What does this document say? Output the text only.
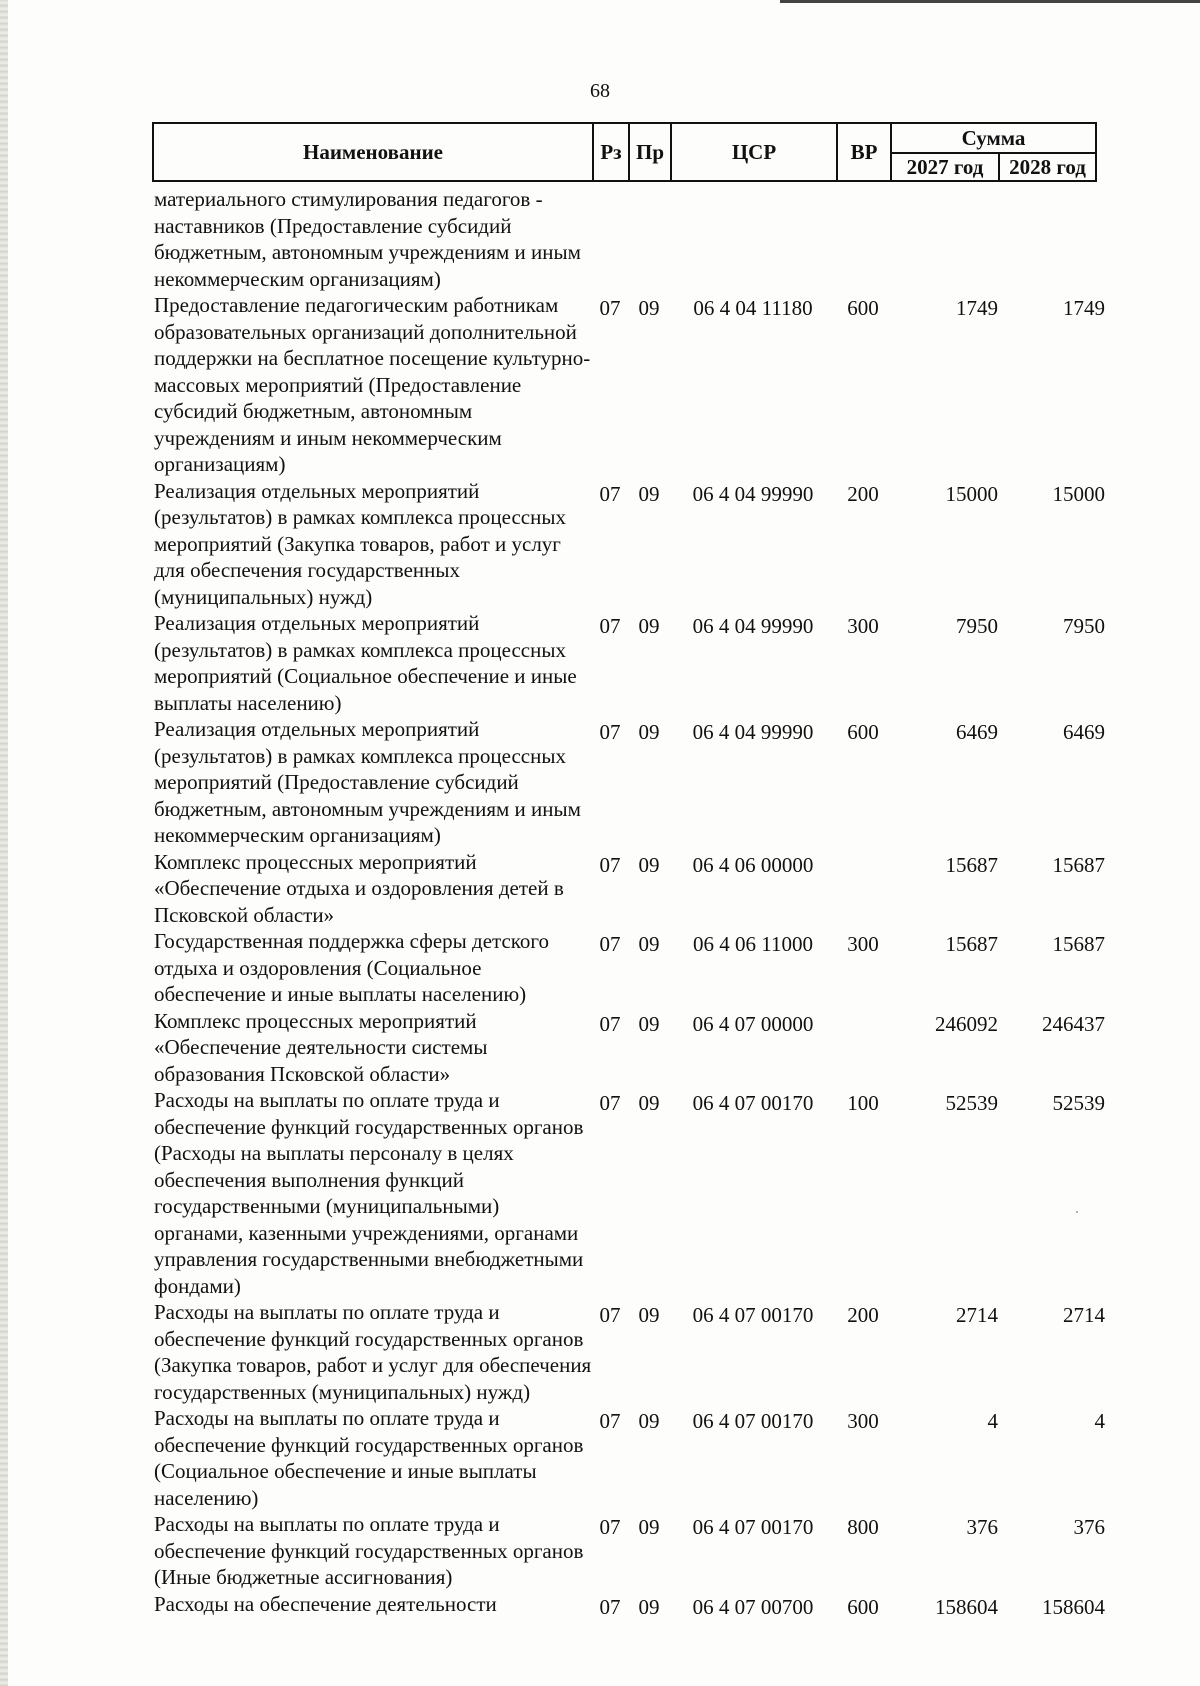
68
Наименование	Рз	Пр	ЦСР	ВР	Сумма	
					2027 год	2028 год
материального стимулирования педагогов - наставников (Предоставление субсидий бюджетным, автономным учреждениям и иным некоммерческим организациям)						
Предоставление педагогическим работникам образовательных организаций дополнительной поддержки на бесплатное посещение культурно-массовых мероприятий (Предоставление субсидий бюджетным, автономным учреждениям и иным некоммерческим организациям)	07	09	06 4 04 11180	600	1749	1749
Реализация отдельных мероприятий (результатов) в рамках комплекса процессных мероприятий (Закупка товаров, работ и услуг для обеспечения государственных (муниципальных) нужд)	07	09	06 4 04 99990	200	15000	15000
Реализация отдельных мероприятий (результатов) в рамках комплекса процессных мероприятий (Социальное обеспечение и иные выплаты населению)	07	09	06 4 04 99990	300	7950	7950
Реализация отдельных мероприятий (результатов) в рамках комплекса процессных мероприятий (Предоставление субсидий бюджетным, автономным учреждениям и иным некоммерческим организациям)	07	09	06 4 04 99990	600	6469	6469
Комплекс процессных мероприятий «Обеспечение отдыха и оздоровления детей в Псковской области»	07	09	06 4 06 00000		15687	15687
Государственная поддержка сферы детского отдыха и оздоровления (Социальное обеспечение и иные выплаты населению)	07	09	06 4 06 11000	300	15687	15687
Комплекс процессных мероприятий «Обеспечение деятельности системы образования Псковской области»	07	09	06 4 07 00000		246092	246437
Расходы на выплаты по оплате труда и обеспечение функций государственных органов (Расходы на выплаты персоналу в целях обеспечения выполнения функций государственными (муниципальными) органами, казенными учреждениями, органами управления государственными внебюджетными фондами)	07	09	06 4 07 00170	100	52539	52539
Расходы на выплаты по оплате труда и обеспечение функций государственных органов (Закупка товаров, работ и услуг для обеспечения государственных (муниципальных) нужд)	07	09	06 4 07 00170	200	2714	2714
Расходы на выплаты по оплате труда и обеспечение функций государственных органов (Социальное обеспечение и иные выплаты населению)	07	09	06 4 07 00170	300	4	4
Расходы на выплаты по оплате труда и обеспечение функций государственных органов (Иные бюджетные ассигнования)	07	09	06 4 07 00170	800	376	376
Расходы на обеспечение деятельности	07	09	06 4 07 00700	600	158604	158604
